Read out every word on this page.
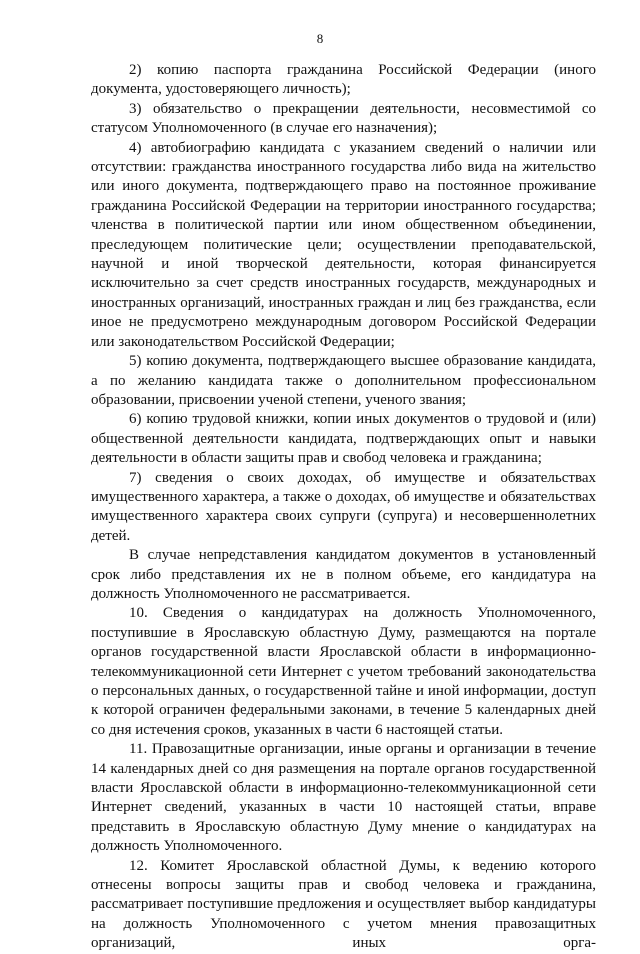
8

2) копию паспорта гражданина Российской Федерации (иного документа, удостоверяющего личность);

3) обязательство о прекращении деятельности, несовместимой со статусом Уполномоченного (в случае его назначения);

4) автобиографию кандидата с указанием сведений о наличии или отсутствии: гражданства иностранного государства либо вида на жительство или иного документа, подтверждающего право на постоянное проживание гражданина Российской Федерации на территории иностранного государства; членства в политической партии или ином общественном объединении, преследующем политические цели; осуществлении преподавательской, научной и иной творческой деятельности, которая финансируется исключительно за счет средств иностранных государств, международных и иностранных организаций, иностранных граждан и лиц без гражданства, если иное не предусмотрено международным договором Российской Федерации или законодательством Российской Федерации;

5) копию документа, подтверждающего высшее образование кандидата, а по желанию кандидата также о дополнительном профессиональном образовании, присвоении ученой степени, ученого звания;

6) копию трудовой книжки, копии иных документов о трудовой и (или) общественной деятельности кандидата, подтверждающих опыт и навыки деятельности в области защиты прав и свобод человека и гражданина;

7) сведения о своих доходах, об имуществе и обязательствах имущественного характера, а также о доходах, об имуществе и обязательствах имущественного характера своих супруги (супруга) и несовершеннолетних детей.

В случае непредставления кандидатом документов в установленный срок либо представления их не в полном объеме, его кандидатура на должность Уполномоченного не рассматривается.

10. Сведения о кандидатурах на должность Уполномоченного, поступившие в Ярославскую областную Думу, размещаются на портале органов государственной власти Ярославской области в информационно-телекоммуникационной сети Интернет с учетом требований законодательства о персональных данных, о государственной тайне и иной информации, доступ к которой ограничен федеральными законами, в течение 5 календарных дней со дня истечения сроков, указанных в части 6 настоящей статьи.

11. Правозащитные организации, иные органы и организации в течение 14 календарных дней со дня размещения на портале органов государственной власти Ярославской области в информационно-телекоммуникационной сети Интернет сведений, указанных в части 10 настоящей статьи, вправе представить в Ярославскую областную Думу мнение о кандидатурах на должность Уполномоченного.

12. Комитет Ярославской областной Думы, к ведению которого отнесены вопросы защиты прав и свобод человека и гражданина, рассматривает поступившие предложения и осуществляет выбор кандидатуры на должность Уполномоченного с учетом мнения правозащитных организаций, иных орга-
